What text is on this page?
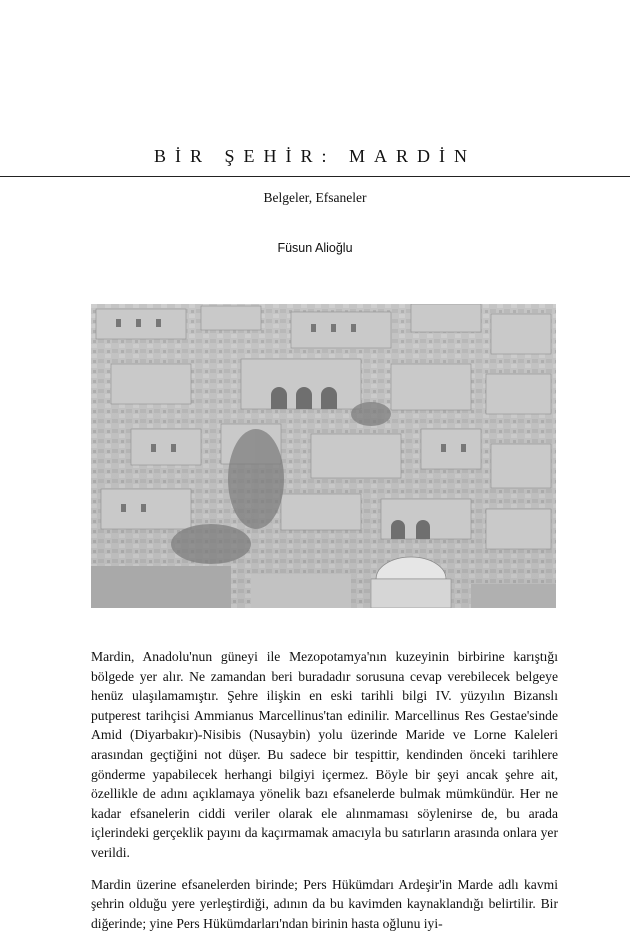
BİR ŞEHİR: MARDİN
Belgeler, Efsaneler
Füsun Alioğlu

Mardin, Anadolu'nun güneyi ile Mezopotamya'nın kuzeyinin birbirine karıştığı bölgede yer alır. Ne zamandan beri buradadır sorusuna cevap verebilecek belgeye henüz ulaşılamamıştır. Şehre ilişkin en eski tarihli bilgi IV. yüzyılın Bizanslı putperest tarihçisi Ammianus Marcellinus'tan edinilir. Marcellinus Res Gestae'sinde Amid (Diyarbakır)-Nisibis (Nusaybin) yolu üzerinde Maride ve Lorne Kaleleri arasından geçtiğini not düşer. Bu sadece bir tespittir, kendinden önceki tarihlere gönderme yapabilecek herhangi bilgiyi içermez. Böyle bir şeyi ancak şehre ait, özellikle de adını açıklamaya yönelik bazı efsanelerde bulmak mümkündür. Her ne kadar efsanelerin ciddi veriler olarak ele alınmaması söylenirse de, bu arada içlerindeki gerçeklik payını da kaçırmamak amacıyla bu satırların arasında onlara yer verildi.

Mardin üzerine efsanelerden birinde; Pers Hükümdarı Ardeşir'in Marde adlı kavmi şehrin olduğu yere yerleştirdiği, adının da bu kavimden kaynaklandığı belirtilir. Bir diğerinde; yine Pers Hükümdarları'ndan birinin hasta oğlunu iyi-
